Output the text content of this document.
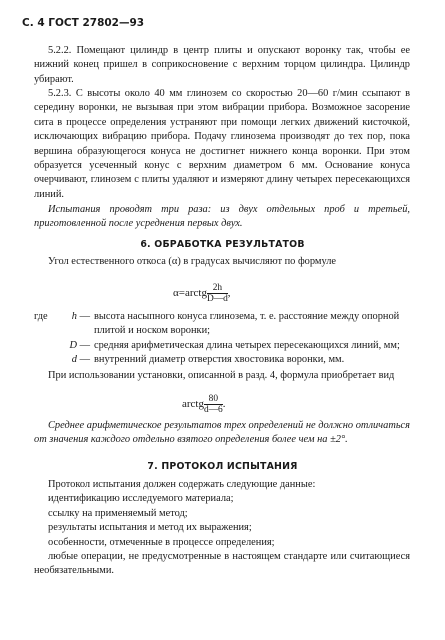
С. 4 ГОСТ 27802—93

5.2.2. Помещают цилиндр в центр плиты и опускают воронку так, чтобы ее нижний конец пришел в соприкосновение с верхним торцом цилиндра. Цилиндр убирают.

5.2.3. С высоты около 40 мм глинозем со скоростью 20—60 г/мин ссыпают в середину воронки, не вызывая при этом вибрации прибора. Возможное засорение сита в процессе определения устраняют при помощи легких движений кисточкой, исключающих вибрацию прибора. Подачу глинозема производят до тех пор, пока вершина образующегося конуса не достигнет нижнего конца воронки. При этом образуется усеченный конус с верхним диаметром 6 мм. Основание конуса очерчивают, глинозем с плиты удаляют и измеряют длину четырех пересекающихся линий.

Испытания проводят три раза: из двух отдельных проб и третьей, приготовленной после усреднения первых двух.

6. ОБРАБОТКА РЕЗУЛЬТАТОВ

Угол естественного откоса (α) в градусах вычисляют по формуле

α=arctg $\frac{2h}{D—d}$ ,
где h — высота насыпного конуса глинозема, т. е. расстояние между опорной плитой и носком воронки;
D — средняя арифметическая длина четырех пересекающихся линий, мм;
d — внутренний диаметр отверстия хвостовика воронки, мм.

При использовании установки, описанной в разд. 4, формула приобретает вид

arctg $\frac{80}{d—6}$ .

Среднее арифметическое результатов трех определений не должно отличаться от значения каждого отдельно взятого определения более чем на ±2°.

7. ПРОТОКОЛ ИСПЫТАНИЯ
Протокол испытания должен содержать следующие данные:
идентификацию исследуемого материала;
ссылку на применяемый метод;
результаты испытания и метод их выражения;
особенности, отмеченные в процессе определения;
любые операции, не предусмотренные в настоящем стандарте или считающиеся необязательными.
